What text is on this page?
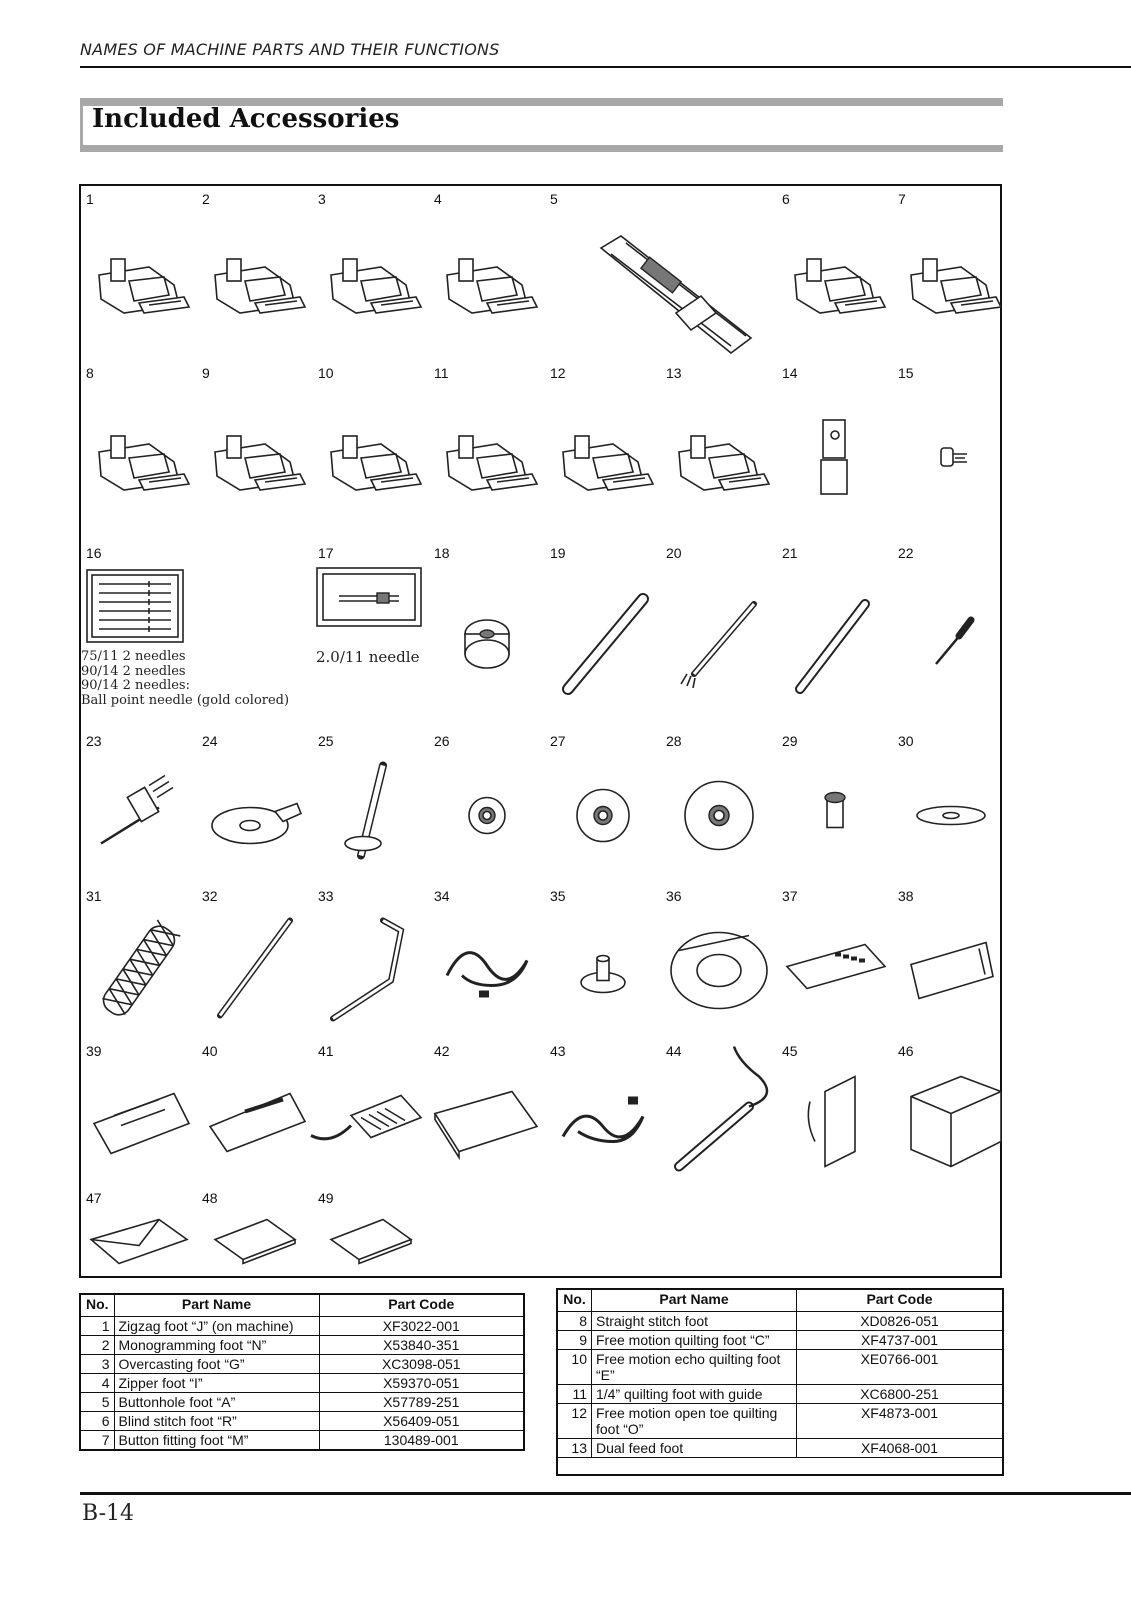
NAMES OF MACHINE PARTS AND THEIR FUNCTIONS
Included Accessories
1	2	3	4	5	6	7
8	9	10	11	12	13	14	15
16	17	18	19	20	21	22
23	24	25	26	27	28	29	30
31	32	33	34	35	36	37	38
39	40	41	42	43	44	45	46
47	48	49
75/11 2 needles
90/14 2 needles
90/14 2 needles:
Ball point needle (gold colored)
2.0/11 needle
No.	Part Name	Part Code
1	Zigzag foot “J” (on machine)	XF3022-001
2	Monogramming foot “N”	X53840-351
3	Overcasting foot “G”	XC3098-051
4	Zipper foot “I”	X59370-051
5	Buttonhole foot “A”	X57789-251
6	Blind stitch foot “R”	X56409-051
7	Button fitting foot “M”	130489-001
No.	Part Name	Part Code
8	Straight stitch foot	XD0826-051
9	Free motion quilting foot “C”	XF4737-001
10	Free motion echo quilting foot “E”	XE0766-001
11	1/4” quilting foot with guide	XC6800-251
12	Free motion open toe quilting foot “O”	XF4873-001
13	Dual feed foot	XF4068-001
B-14
